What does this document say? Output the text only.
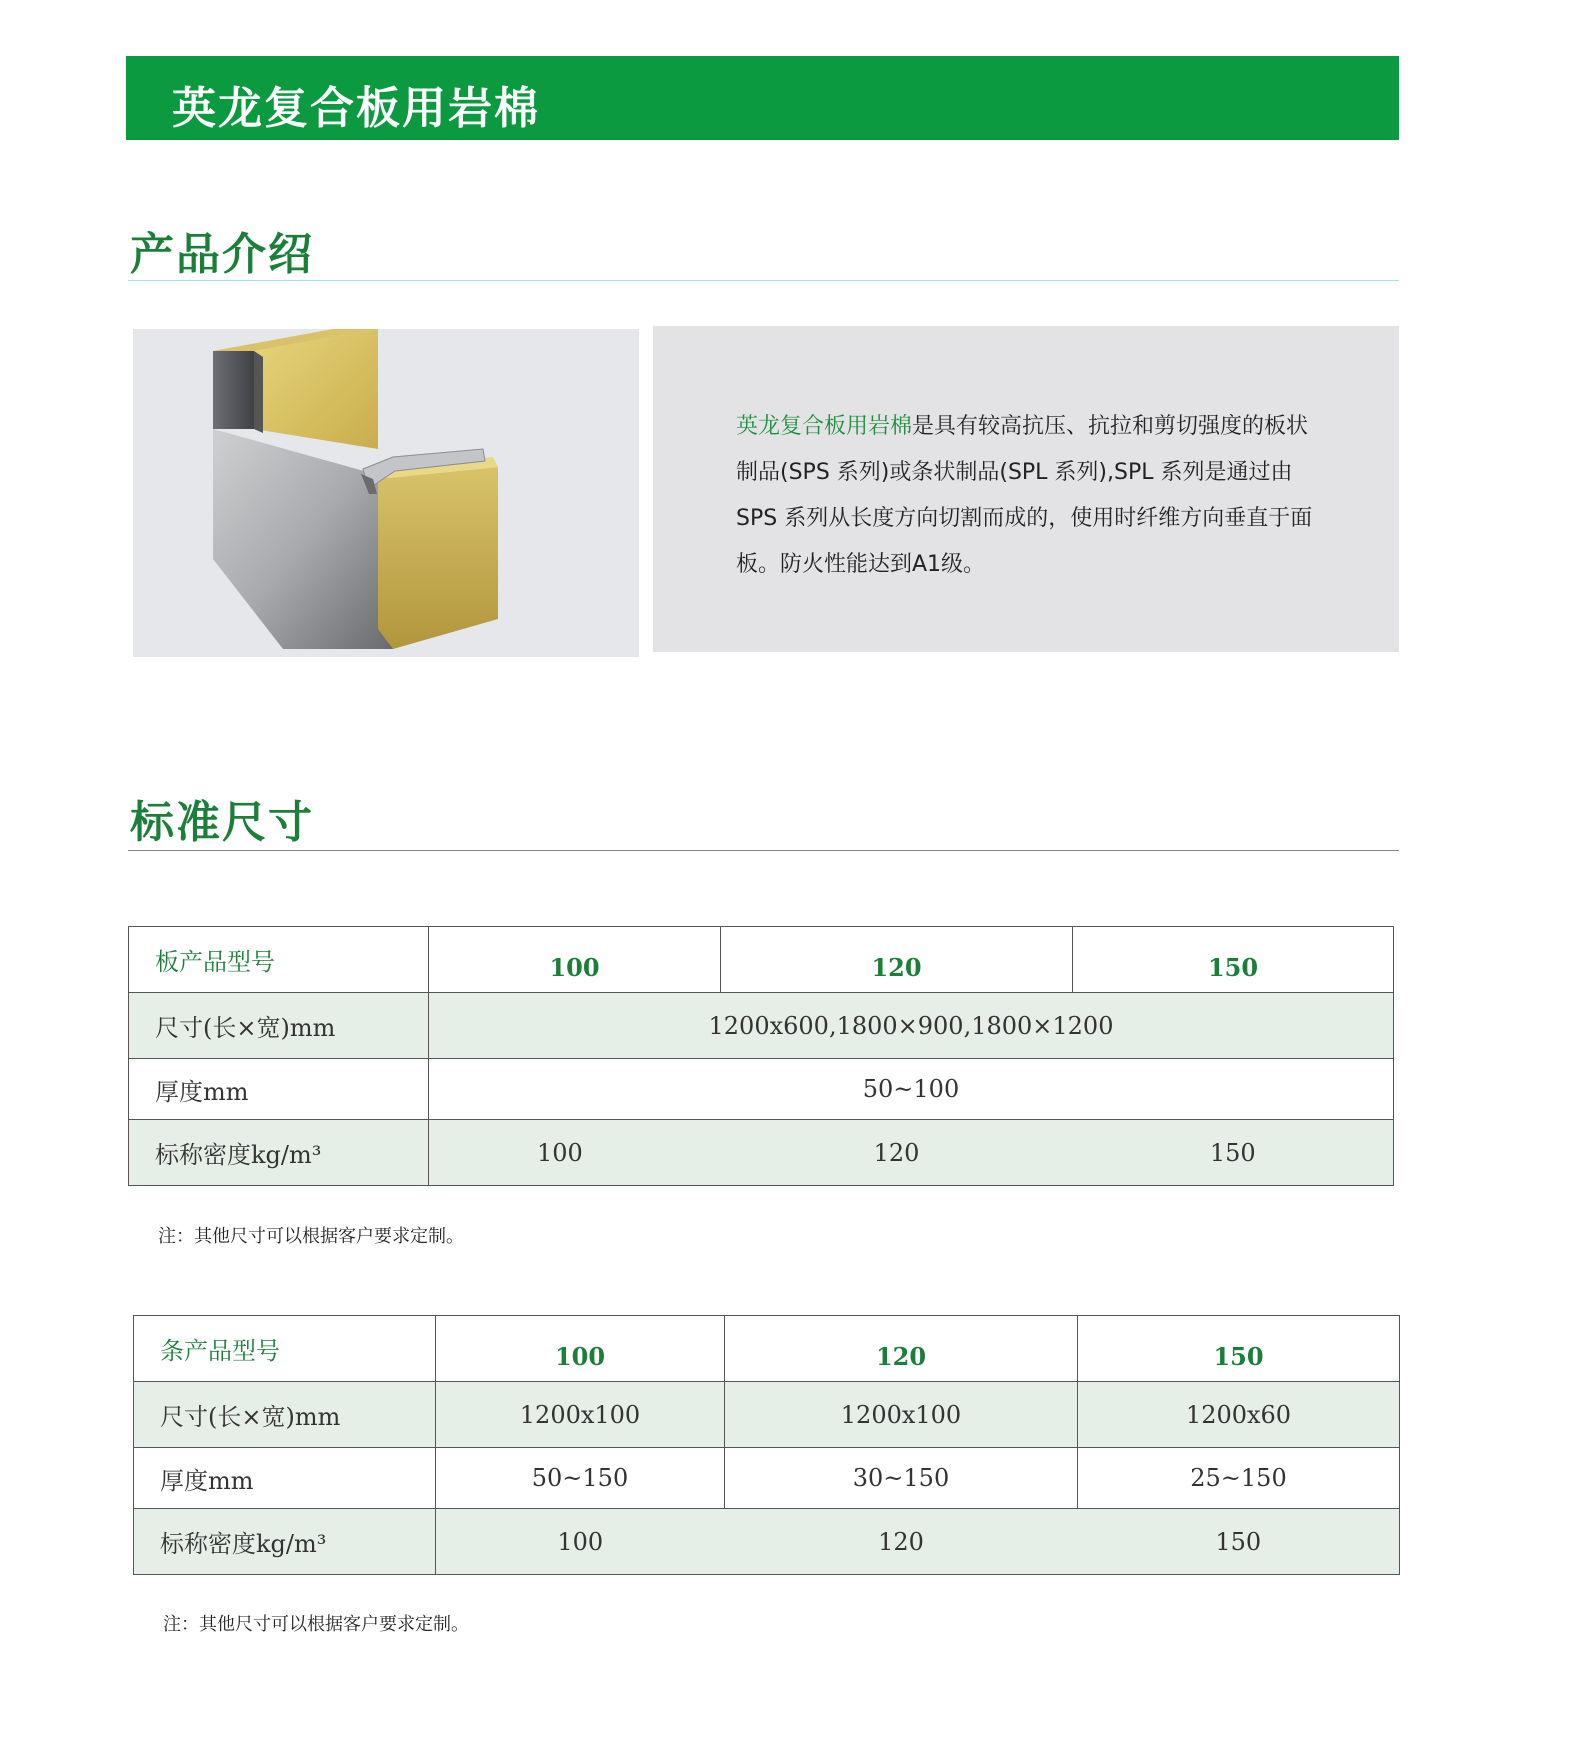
英龙复合板用岩棉
产品介绍
英龙复合板用岩棉是具有较高抗压、抗拉和剪切强度的板状制品(SPS 系列)或条状制品(SPL 系列),SPL 系列是通过由SPS 系列从长度方向切割而成的，使用时纤维方向垂直于面板。防火性能达到A1级。
标准尺寸
板产品型号	100	120	150
尺寸(长×宽)mm	1200x600,1800×900,1800×1200		
厚度mm	50~100		
标称密度kg/m³	100	120	150
注：其他尺寸可以根据客户要求定制。
条产品型号	100	120	150
尺寸(长×宽)mm	1200x100	1200x100	1200x60
厚度mm	50~150	30~150	25~150
标称密度kg/m³	100	120	150
注：其他尺寸可以根据客户要求定制。
